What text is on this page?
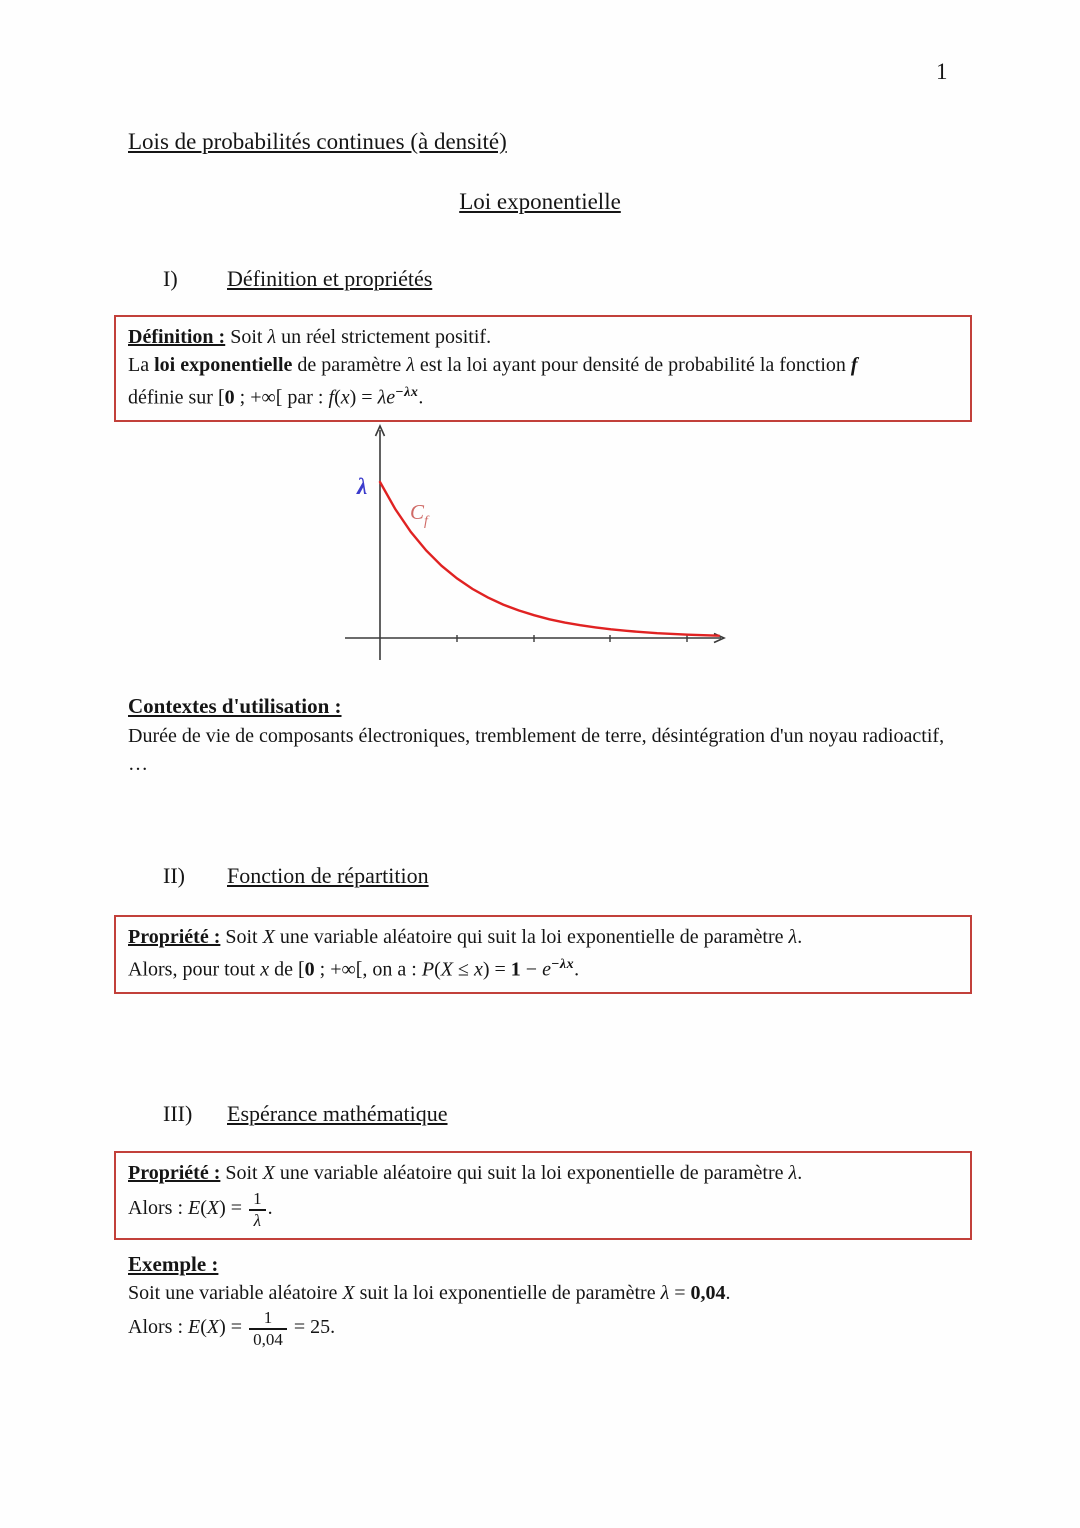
1
Lois de probabilités continues (à densité)
Loi exponentielle
I) Définition et propriétés
Définition : Soit λ un réel strictement positif.
La loi exponentielle de paramètre λ est la loi ayant pour densité de probabilité la fonction f
définie sur [0 ; +∞[ par : $f(x) = \lambda e^{-\lambda x}$.
λ
$C_f$
Contextes d'utilisation :
Durée de vie de composants électroniques, tremblement de terre, désintégration d'un noyau radioactif, …
II) Fonction de répartition
Propriété : Soit X une variable aléatoire qui suit la loi exponentielle de paramètre λ.
Alors, pour tout x de [0 ; +∞[, on a : $P(X \le x) = 1 - e^{-\lambda x}$.
III) Espérance mathématique
Propriété : Soit X une variable aléatoire qui suit la loi exponentielle de paramètre λ.
Alors : $E(X) = \frac{1}{\lambda}$ .
Exemple :
Soit une variable aléatoire X suit la loi exponentielle de paramètre λ = 0,04.
Alors : $E(X) = \frac{1}{0,04} = 25$.
